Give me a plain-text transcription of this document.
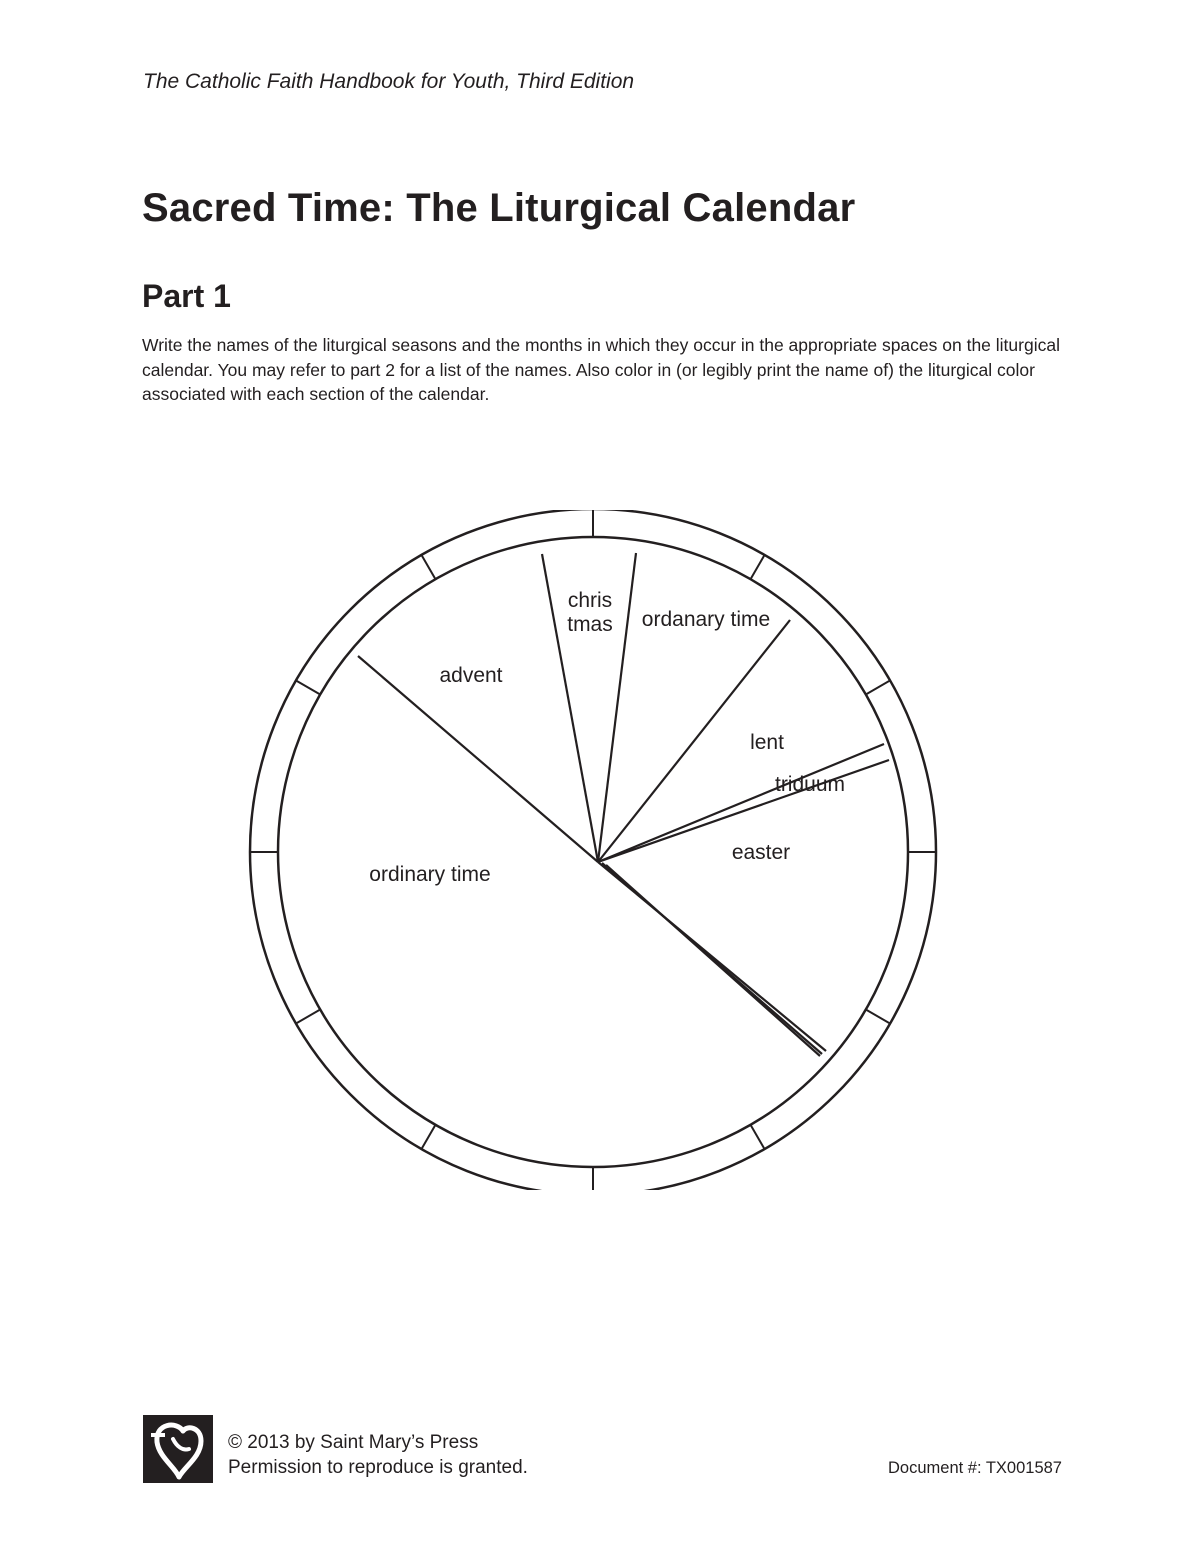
The Catholic Faith Handbook for Youth, Third Edition
Sacred Time: The Liturgical Calendar
Part 1

Write the names of the liturgical seasons and the months in which they occur in the appropriate spaces on the liturgical calendar. You may refer to part 2 for a list of the names. Also color in (or legibly print the name of) the liturgical color associated with each section of the calendar.

advent
chris
tmas ordanary time
lent
triduum
easter
ordinary time
© 2013 by Saint Mary’s Press
Permission to reproduce is granted.	Document #: TX001587
